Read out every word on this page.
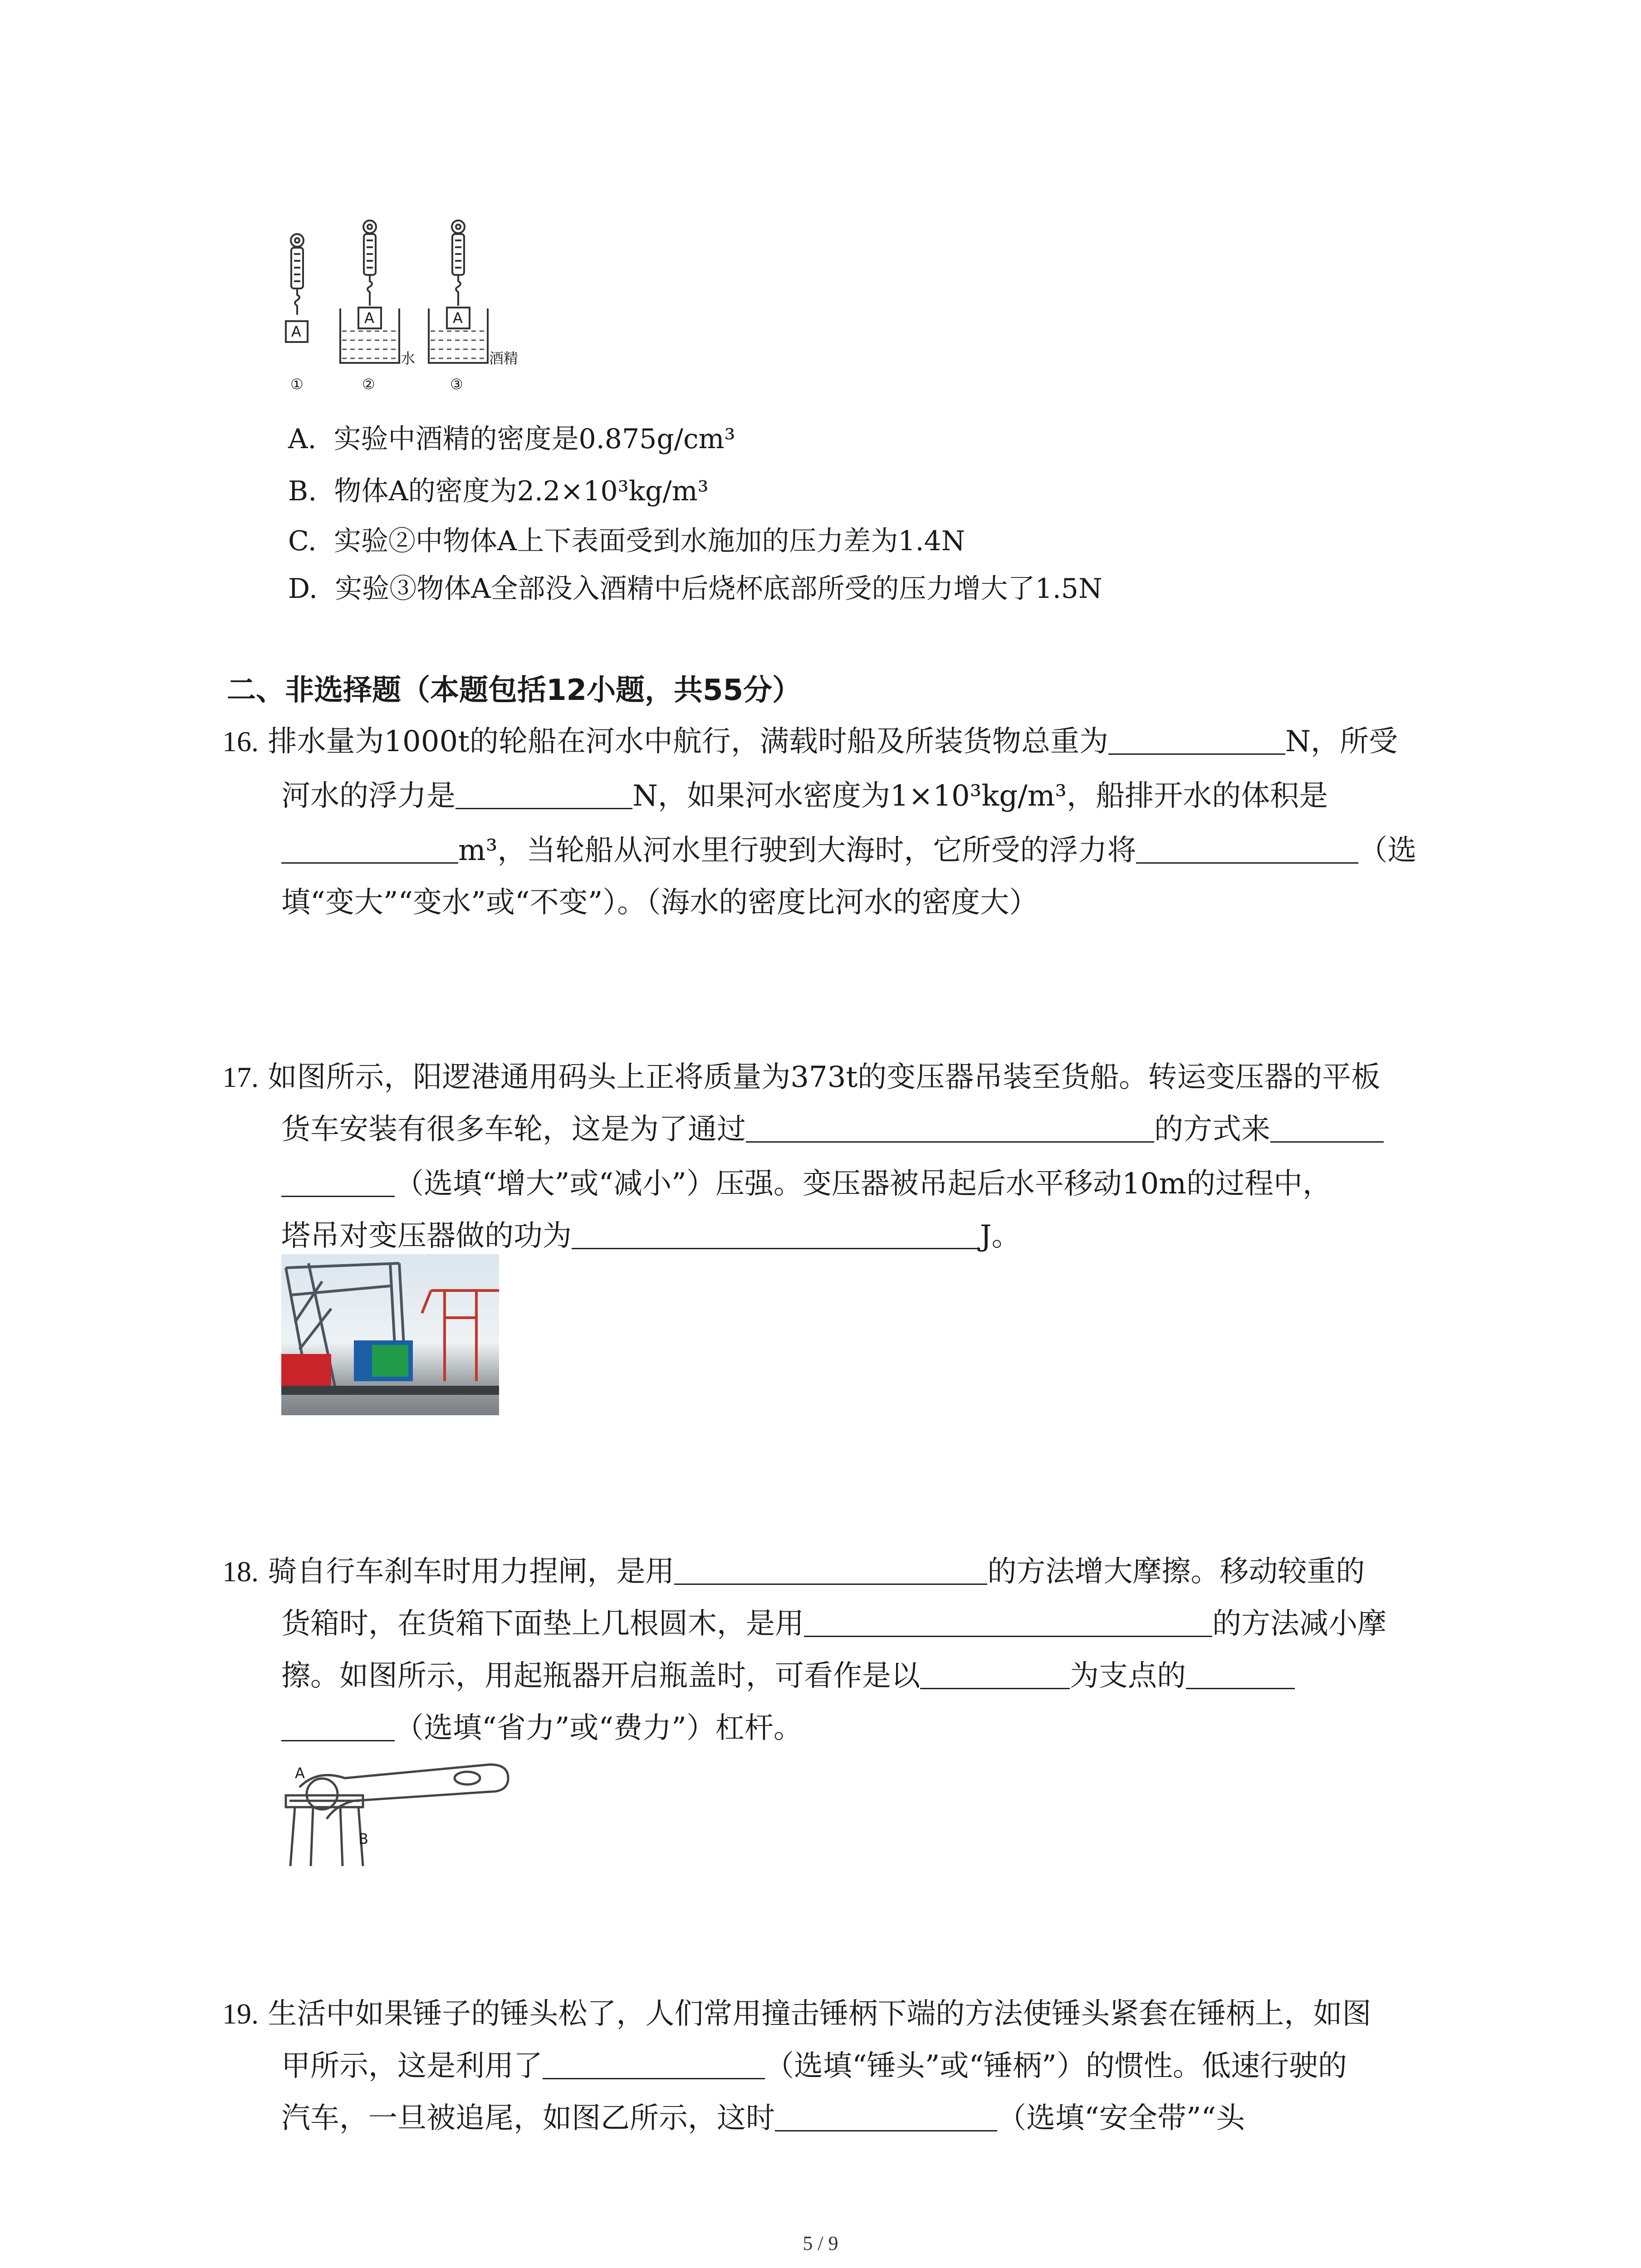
A
A	A
水	酒精
①	②	③
A. 实验中酒精的密度是0.875g/cm³
B. 物体A的密度为2.2×10³kg/m³
C. 实验②中物体A上下表面受到水施加的压力差为1.4N
D. 实验③物体A全部没入酒精中后烧杯底部所受的压力增大了1.5N
二、非选择题（本题包括12小题，共55分）
16. 排水量为1000t的轮船在河水中航行，满载时船及所装货物总重为	N，所受
河水的浮力是	N，如果河水密度为1×10³kg/m³，船排开水的体积是
m³，当轮船从河水里行驶到大海时，它所受的浮力将	（选
填“变大”“变水”或“不变”）。（海水的密度比河水的密度大）
17. 如图所示，阳逻港通用码头上正将质量为373t的变压器吊装至货船。转运变压器的平板
货车安装有很多车轮，这是为了通过	的方式来
（选填“增大”或“减小”）压强。变压器被吊起后水平移动10m的过程中，
塔吊对变压器做的功为	J。
18. 骑自行车刹车时用力捏闸，是用	的方法增大摩擦。移动较重的
货箱时，在货箱下面垫上几根圆木，是用	的方法减小摩
擦。如图所示，用起瓶器开启瓶盖时，可看作是以	为支点的
（选填“省力”或“费力”）杠杆。
A
B
19. 生活中如果锤子的锤头松了，人们常用撞击锤柄下端的方法使锤头紧套在锤柄上，如图
甲所示，这是利用了	（选填“锤头”或“锤柄”）的惯性。低速行驶的
汽车，一旦被追尾，如图乙所示，这时	（选填“安全带”“头
5 / 9
